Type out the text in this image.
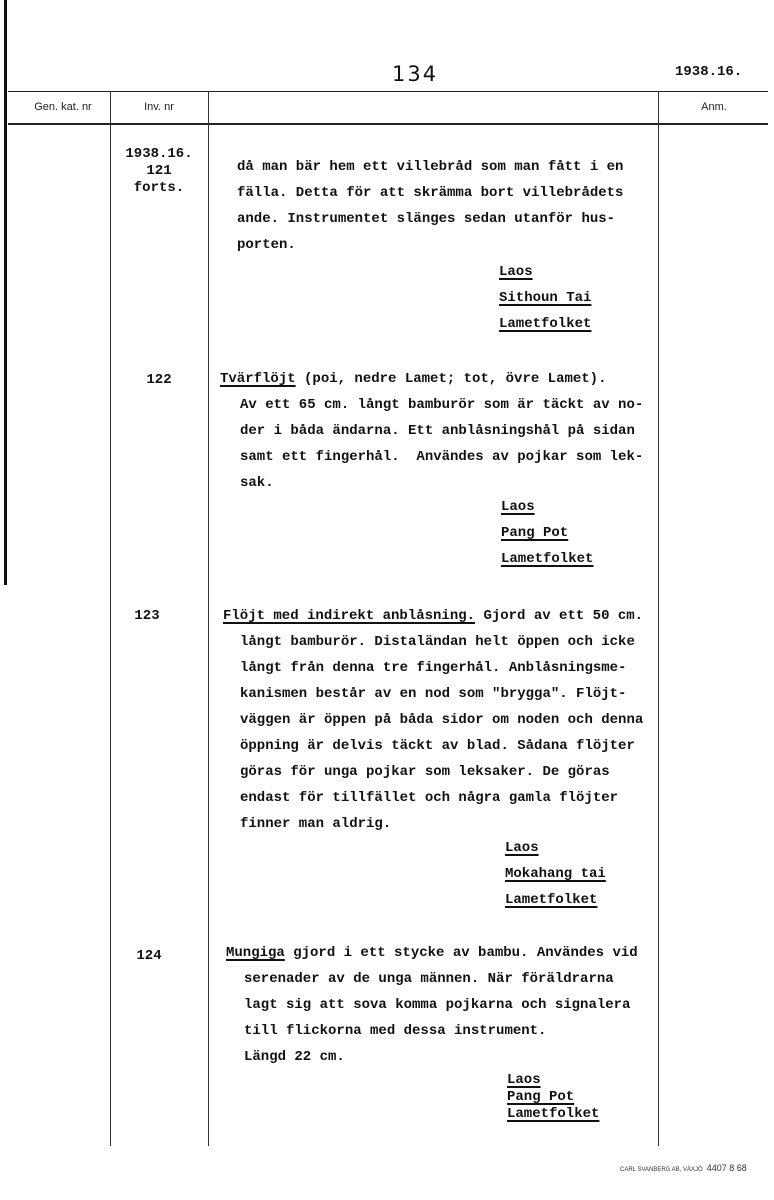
134	1938.16.
Gen. kat. nr	Inv. nr	Anm.
1938.16.
121
forts.
då man bär hem ett villebråd som man fått i en
fälla. Detta för att skrämma bort villebrådets
ande. Instrumentet slänges sedan utanför hus-
porten.
Laos
Sithoun Tai
Lametfolket
122	Tvärflöjt (poi, nedre Lamet; tot, övre Lamet).
Av ett 65 cm. långt bamburör som är täckt av no-
der i båda ändarna. Ett anblåsningshål på sidan
samt ett fingerhål.  Användes av pojkar som lek-
sak.
Laos
Pang Pot
Lametfolket
123	Flöjt med indirekt anblåsning. Gjord av ett 50 cm.
långt bamburör. Distaländan helt öppen och icke
långt från denna tre fingerhål. Anblåsningsme-
kanismen består av en nod som "brygga". Flöjt-
väggen är öppen på båda sidor om noden och denna
öppning är delvis täckt av blad. Sådana flöjter
göras för unga pojkar som leksaker. De göras
endast för tillfället och några gamla flöjter
finner man aldrig.
Laos
Mokahang tai
Lametfolket
124	Mungiga gjord i ett stycke av bambu. Användes vid
serenader av de unga männen. När föräldrarna
lagt sig att sova komma pojkarna och signalera
till flickorna med dessa instrument.
Längd 22 cm.
Laos
Pang Pot
Lametfolket
CARL SVANBERG AB, VÄXJÖ 4407 8 68
